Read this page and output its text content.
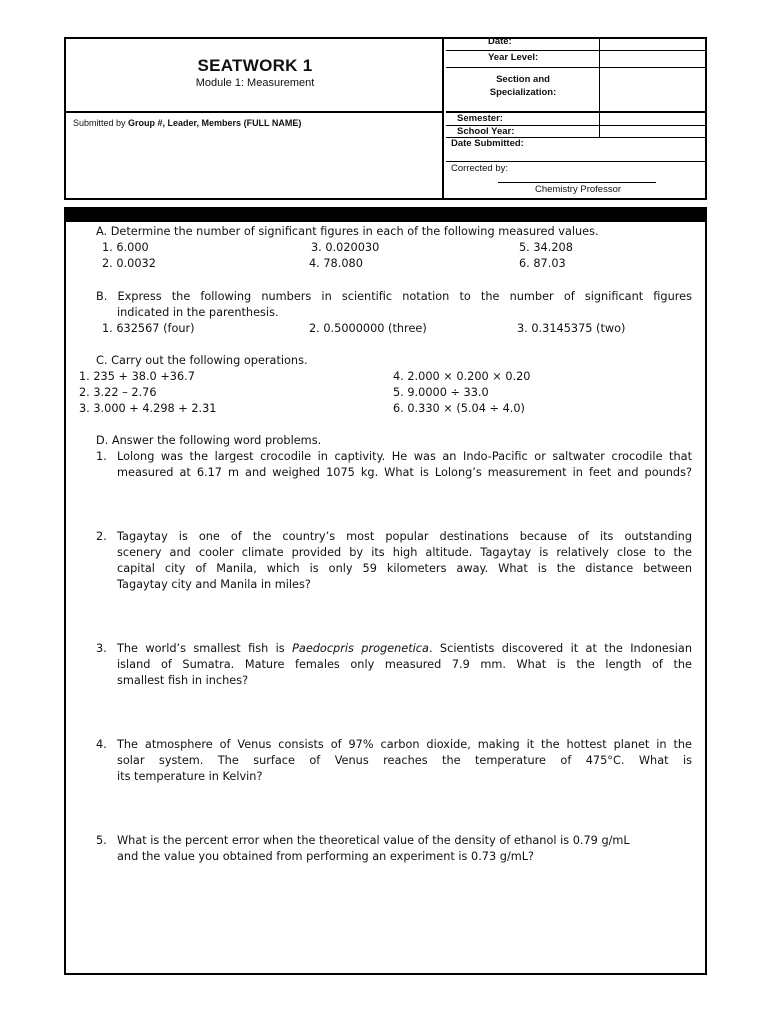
SEATWORK 1
Module 1: Measurement
Submitted by Group #, Leader, Members (FULL NAME)
Date:
Year Level:
Section and
Specialization:
Semester:
School Year:
Date Submitted:
Corrected by:
Chemistry Professor
A. Determine the number of significant figures in each of the following measured values.
1. 6.000	3. 0.020030	5. 34.208
2. 0.0032	4. 78.080	6. 87.03
B. Express the following numbers in scientific notation to the number of significant figures
indicated in the parenthesis.
1. 632567 (four)	2. 0.5000000 (three)	3. 0.3145375 (two)
C. Carry out the following operations.
1. 235 + 38.0 +36.7	4. 2.000 × 0.200 × 0.20
2. 3.22 – 2.76	5. 9.0000 ÷ 33.0
3. 3.000 + 4.298 + 2.31	6. 0.330 × (5.04 ÷ 4.0)
D. Answer the following word problems.
1. Lolong was the largest crocodile in captivity. He was an Indo-Pacific or saltwater crocodile that
measured at 6.17 m and weighed 1075 kg. What is Lolong’s measurement in feet and pounds?
2. Tagaytay is one of the country’s most popular destinations because of its outstanding
scenery and cooler climate provided by its high altitude. Tagaytay is relatively close to the
capital city of Manila, which is only 59 kilometers away. What is the distance between
Tagaytay city and Manila in miles?
3. The world’s smallest fish is Paedocpris progenetica. Scientists discovered it at the Indonesian
island of Sumatra. Mature females only measured 7.9 mm. What is the length of the
smallest fish in inches?
4. The atmosphere of Venus consists of 97% carbon dioxide, making it the hottest planet in the
solar system. The surface of Venus reaches the temperature of 475°C. What is
its temperature in Kelvin?
5. What is the percent error when the theoretical value of the density of ethanol is 0.79 g/mL
and the value you obtained from performing an experiment is 0.73 g/mL?
